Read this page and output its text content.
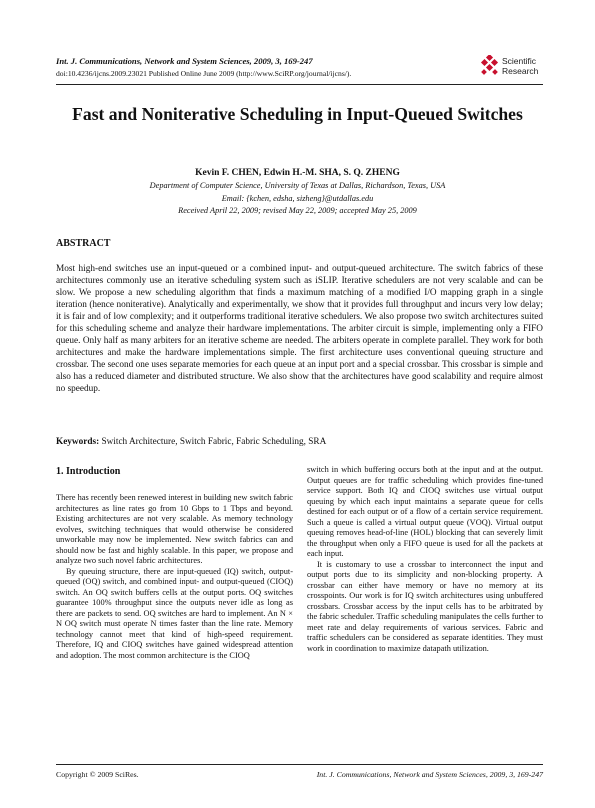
Int. J. Communications, Network and System Sciences, 2009, 3, 169-247
doi:10.4236/ijcns.2009.23021 Published Online June 2009 (http://www.SciRP.org/journal/ijcns/).
Scientific
Research
Fast and Noniterative Scheduling in Input-Queued Switches
Kevin F. CHEN, Edwin H.-M. SHA, S. Q. ZHENG
Department of Computer Science, University of Texas at Dallas, Richardson, Texas, USA
Email: {kchen, edsha, sizheng}@utdallas.edu
Received April 22, 2009; revised May 22, 2009; accepted May 25, 2009
ABSTRACT
Most high-end switches use an input-queued or a combined input- and output-queued architecture. The switch fabrics of these architectures commonly use an iterative scheduling system such as iSLIP. Iterative schedulers are not very scalable and can be slow. We propose a new scheduling algorithm that finds a maximum matching of a modified I/O mapping graph in a single iteration (hence noniterative). Analytically and experimentally, we show that it provides full throughput and incurs very low delay; it is fair and of low complexity; and it outperforms traditional iterative schedulers. We also propose two switch architectures suited for this scheduling scheme and analyze their hardware implementations. The arbiter circuit is simple, implementing only a FIFO queue. Only half as many arbiters for an iterative scheme are needed. The arbiters operate in complete parallel. They work for both architectures and make the hardware implementations simple. The first architecture uses conventional queuing structure and crossbar. The second one uses separate memories for each queue at an input port and a special crossbar. This crossbar is simple and also has a reduced diameter and distributed structure. We also show that the architectures have good scalability and require almost no speedup.
Keywords: Switch Architecture, Switch Fabric, Fabric Scheduling, SRA
1. Introduction

There has recently been renewed interest in building new switch fabric architectures as line rates go from 10 Gbps to 1 Tbps and beyond. Existing architectures are not very scalable. As memory technology evolves, switching techniques that would otherwise be considered unworkable may now be implemented. New switch fabrics can and should now be fast and highly scalable. In this paper, we propose and analyze two such novel fabric architectures.

By queuing structure, there are input-queued (IQ) switch, output-queued (OQ) switch, and combined input- and output-queued (CIOQ) switch. An OQ switch buffers cells at the output ports. OQ switches guarantee 100% throughput since the outputs never idle as long as there are packets to send. OQ switches are hard to implement. An N × N OQ switch must operate N times faster than the line rate. Memory technology cannot meet that kind of high-speed requirement. Therefore, IQ and CIOQ switches have gained widespread attention and adoption. The most common architecture is the CIOQ

switch in which buffering occurs both at the input and at the output. Output queues are for traffic scheduling which provides fine-tuned service support. Both IQ and CIOQ switches use virtual output queuing by which each input maintains a separate queue for cells destined for each output or of a flow of a certain service requirement. Such a queue is called a virtual output queue (VOQ). Virtual output queuing removes head-of-line (HOL) blocking that can severely limit the throughput when only a FIFO queue is used for all the packets at each input.

It is customary to use a crossbar to interconnect the input and output ports due to its simplicity and non-blocking property. A crossbar can either have memory or have no memory at its crosspoints. Our work is for IQ switch architectures using unbuffered crossbars. Crossbar access by the input cells has to be arbitrated by the fabric scheduler. Traffic scheduling manipulates the cells further to meet rate and delay requirements of various services. Fabric and traffic schedulers can be considered as separate identities. They must work in coordination to maximize datapath utilization.

Copyright © 2009 SciRes.	Int. J. Communications, Network and System Sciences, 2009, 3, 169-247
